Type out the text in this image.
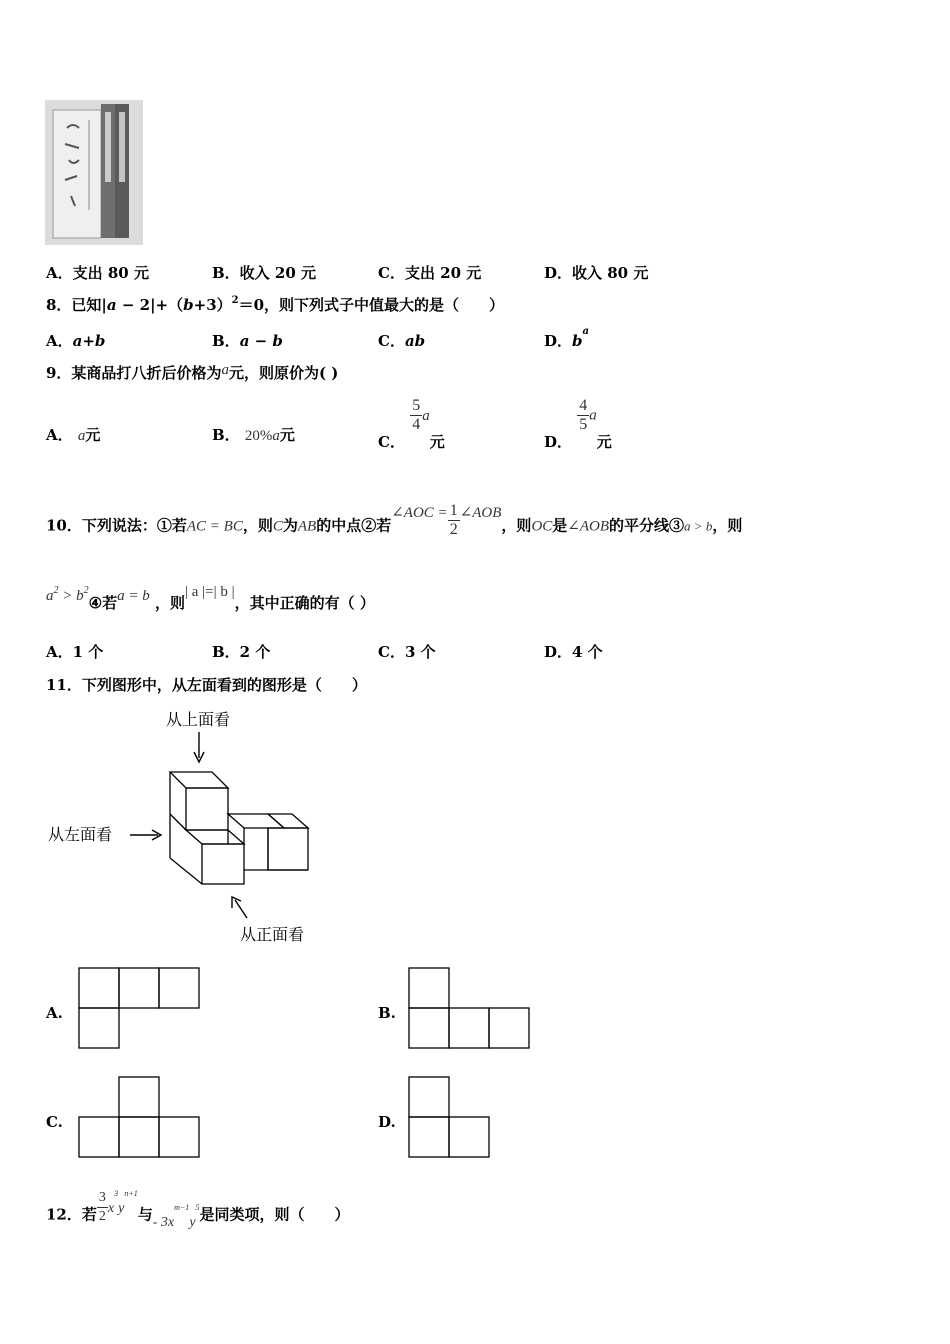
A．支出 80 元	B．收入 20 元	C．支出 20 元	D．收入 80 元
8．已知$|a - 2|+(b+3)^2=0$，则下列式子中值最大的是（　　）
A．a+b	B．a − b	C．ab	D．$b^a$
9．某商品打八折后价格为a元，则原价为( )
A． a元	B． 20%a元	C．
$\frac{5}{4}$ a元	D．
$\frac{4}{5}$ a元
10．下列说法：①若AC = BC，则C为AB的中点②若∠AOC = $\frac{1}{2}$ ∠AOB，则OC是∠AOB的平分线③a > b，则
$a^2$ > $b^2④$若a = b ，则| a |=| b |，其中正确的有（ ）
A．1 个	B．2 个	C．3 个	D．4 个
11．下列图形中，从左面看到的图形是（　　）
从上面看
从左面看
从正面看
A.	B.
C.	D.
12．若 $\frac{3}{2} x^3y^{n+1}$与- $3x^{m-1}y^5$是同类项，则（　　）
